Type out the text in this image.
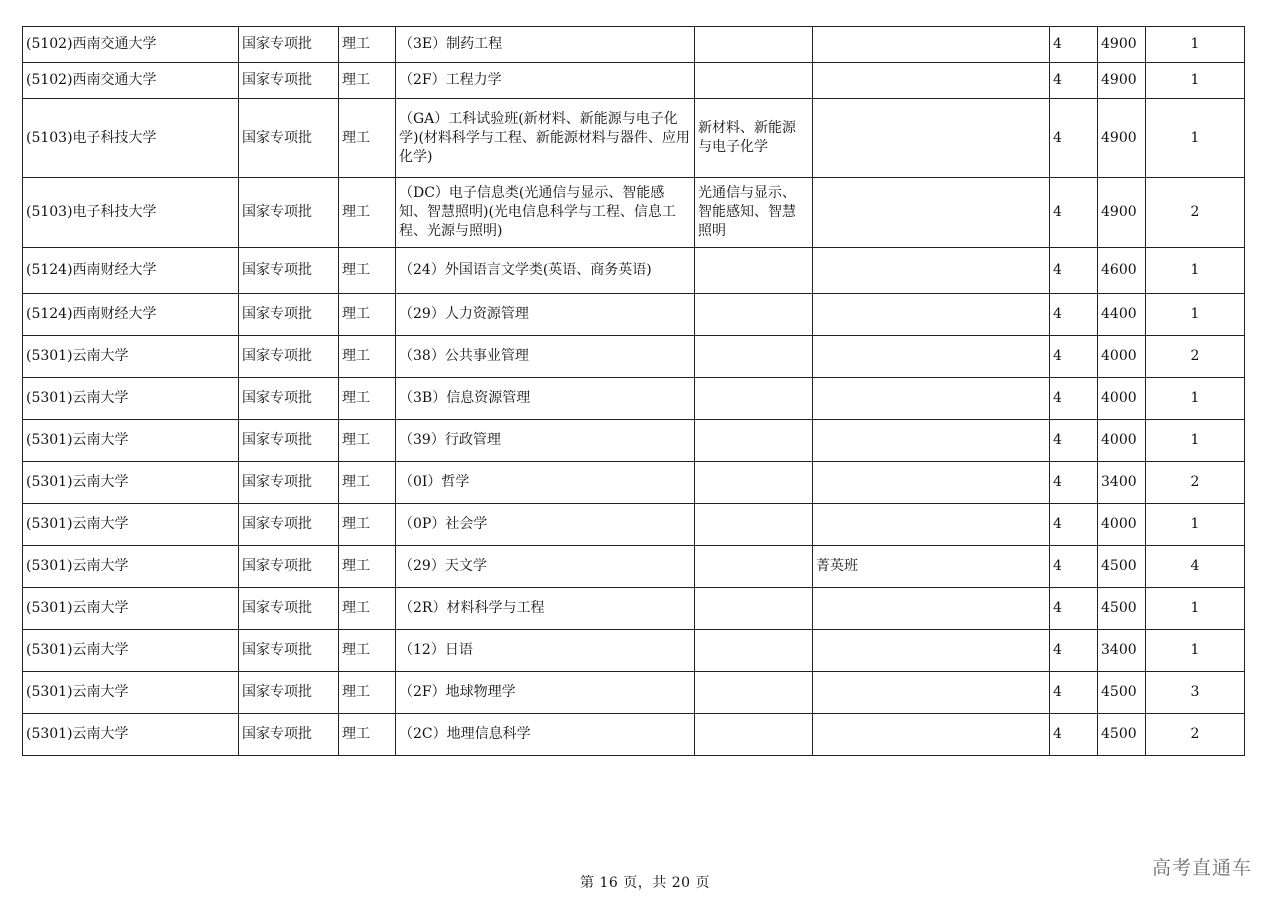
(5102)西南交通大学	国家专项批	理工	（3E）制药工程			4	4900	1
(5102)西南交通大学	国家专项批	理工	（2F）工程力学			4	4900	1
(5103)电子科技大学	国家专项批	理工	（GA）工科试验班(新材料、新能源与电子化学)(材料科学与工程、新能源材料与器件、应用化学)	新材料、新能源与电子化学		4	4900	1
(5103)电子科技大学	国家专项批	理工	（DC）电子信息类(光通信与显示、智能感知、智慧照明)(光电信息科学与工程、信息工程、光源与照明)	光通信与显示、智能感知、智慧照明		4	4900	2
(5124)西南财经大学	国家专项批	理工	（24）外国语言文学类(英语、商务英语)			4	4600	1
(5124)西南财经大学	国家专项批	理工	（29）人力资源管理			4	4400	1
(5301)云南大学	国家专项批	理工	（38）公共事业管理			4	4000	2
(5301)云南大学	国家专项批	理工	（3B）信息资源管理			4	4000	1
(5301)云南大学	国家专项批	理工	（39）行政管理			4	4000	1
(5301)云南大学	国家专项批	理工	（0I）哲学			4	3400	2
(5301)云南大学	国家专项批	理工	（0P）社会学			4	4000	1
(5301)云南大学	国家专项批	理工	（29）天文学		菁英班	4	4500	4
(5301)云南大学	国家专项批	理工	（2R）材料科学与工程			4	4500	1
(5301)云南大学	国家专项批	理工	（12）日语			4	3400	1
(5301)云南大学	国家专项批	理工	（2F）地球物理学			4	4500	3
(5301)云南大学	国家专项批	理工	（2C）地理信息科学			4	4500	2
第 16 页，共 20 页
高考直通车
